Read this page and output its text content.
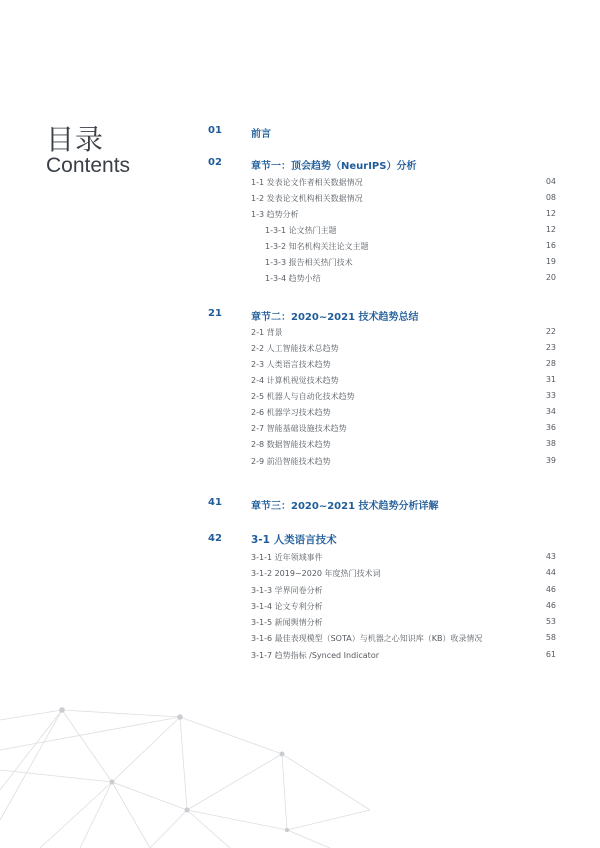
目录
Contents
01	前言
02	章节一：顶会趋势（NeurIPS）分析
1-1 发表论文作者相关数据情况	04
1-2 发表论文机构相关数据情况	08
1-3 趋势分析	12
1-3-1 论文热门主题	12
1-3-2 知名机构关注论文主题	16
1-3-3 报告相关热门技术	19
1-3-4 趋势小结	20
21	章节二：2020~2021 技术趋势总结
2-1 背景	22
2-2 人工智能技术总趋势	23
2-3 人类语言技术趋势	28
2-4 计算机视觉技术趋势	31
2-5 机器人与自动化技术趋势	33
2-6 机器学习技术趋势	34
2-7 智能基础设施技术趋势	36
2-8 数据智能技术趋势	38
2-9 前沿智能技术趋势	39
41	章节三：2020~2021 技术趋势分析详解
42	3-1 人类语言技术
3-1-1 近年领域事件	43
3-1-2 2019~2020 年度热门技术词	44
3-1-3 学界同卷分析	46
3-1-4 论文专利分析	46
3-1-5 新闻舆情分析	53
3-1-6 最佳表现模型（SOTA）与机器之心知识库（KB）收录情况	58
3-1-7 趋势指标 /Synced Indicator	61
